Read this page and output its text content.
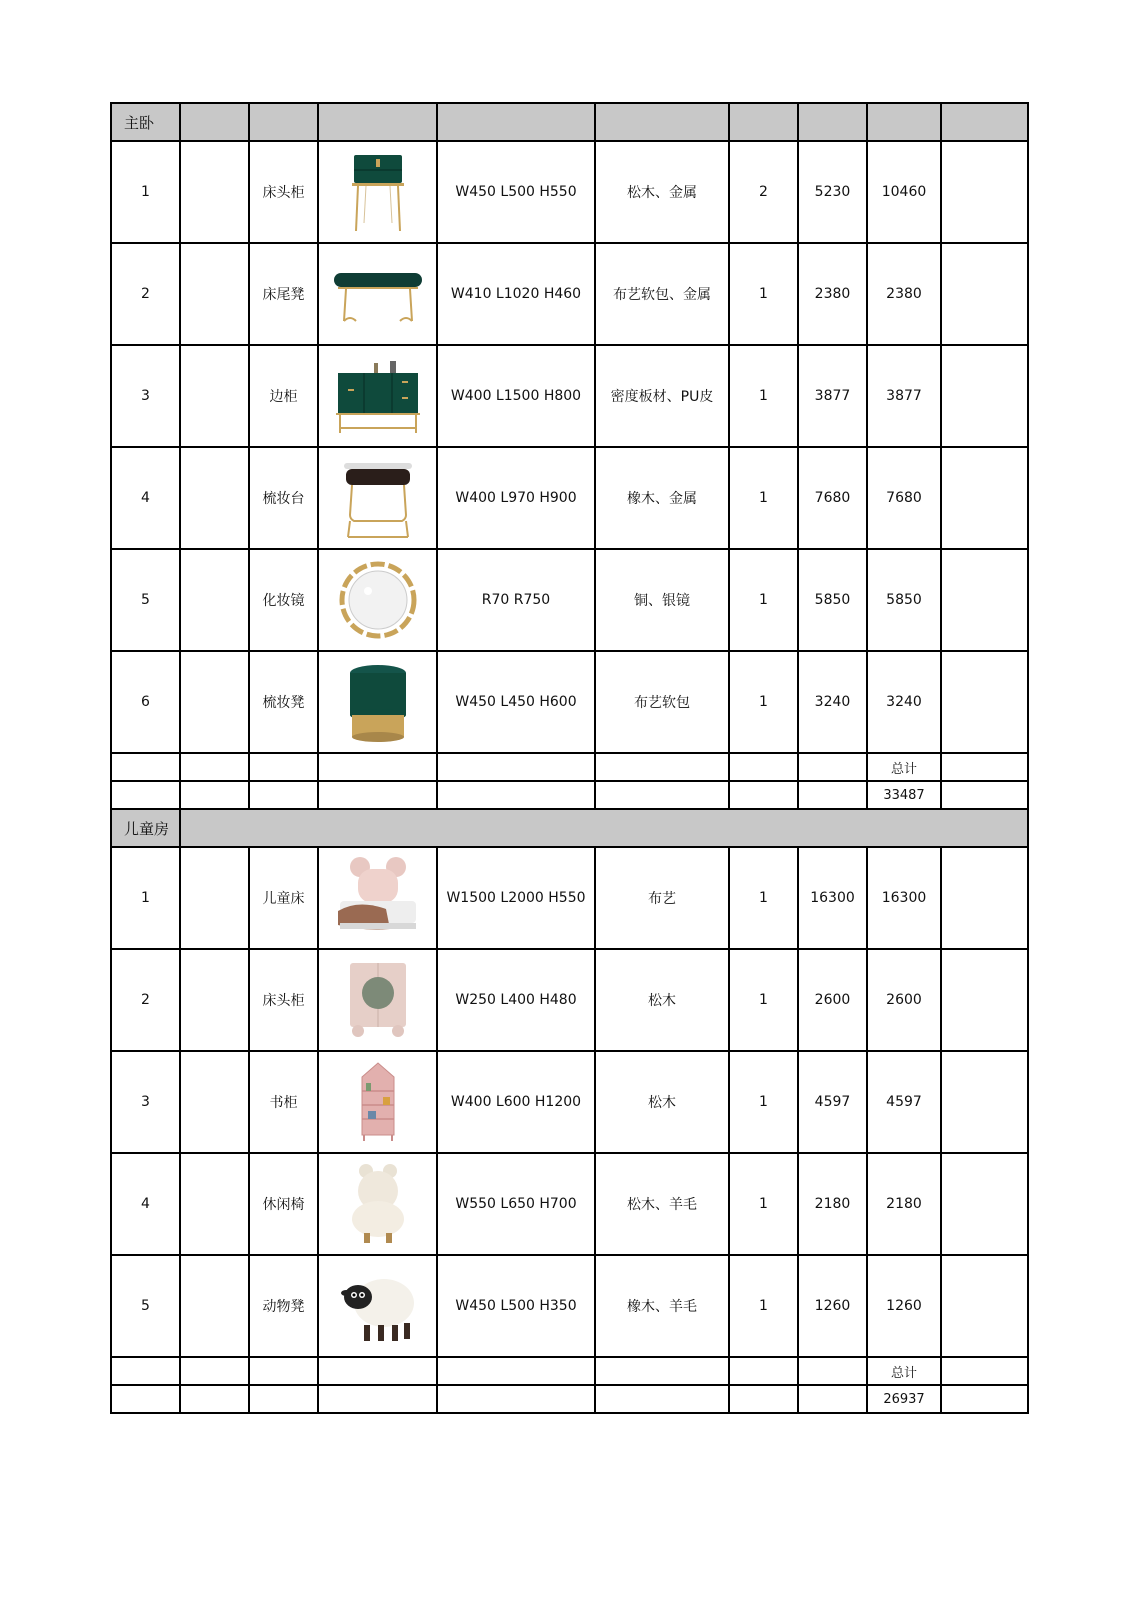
主卧									
1		床头柜		W450 L500 H550	松木、金属	2	5230	10460	
2		床尾凳		W410 L1020 H460	布艺软包、金属	1	2380	2380	
3		边柜		W400 L1500 H800	密度板材、PU皮	1	3877	3877	
4		梳妆台		W400 L970 H900	橡木、金属	1	7680	7680	
5		化妆镜		R70 R750	铜、银镜	1	5850	5850	
6		梳妆凳		W450 L450 H600	布艺软包	1	3240	3240	
								总计	
								33487	
儿童房									
1		儿童床		W1500 L2000 H550	布艺	1	16300	16300	
2		床头柜		W250 L400 H480	松木	1	2600	2600	
3		书柜		W400 L600 H1200	松木	1	4597	4597	
4		休闲椅		W550 L650 H700	松木、羊毛	1	2180	2180	
5		动物凳		W450 L500 H350	橡木、羊毛	1	1260	1260	
								总计	
								26937	
